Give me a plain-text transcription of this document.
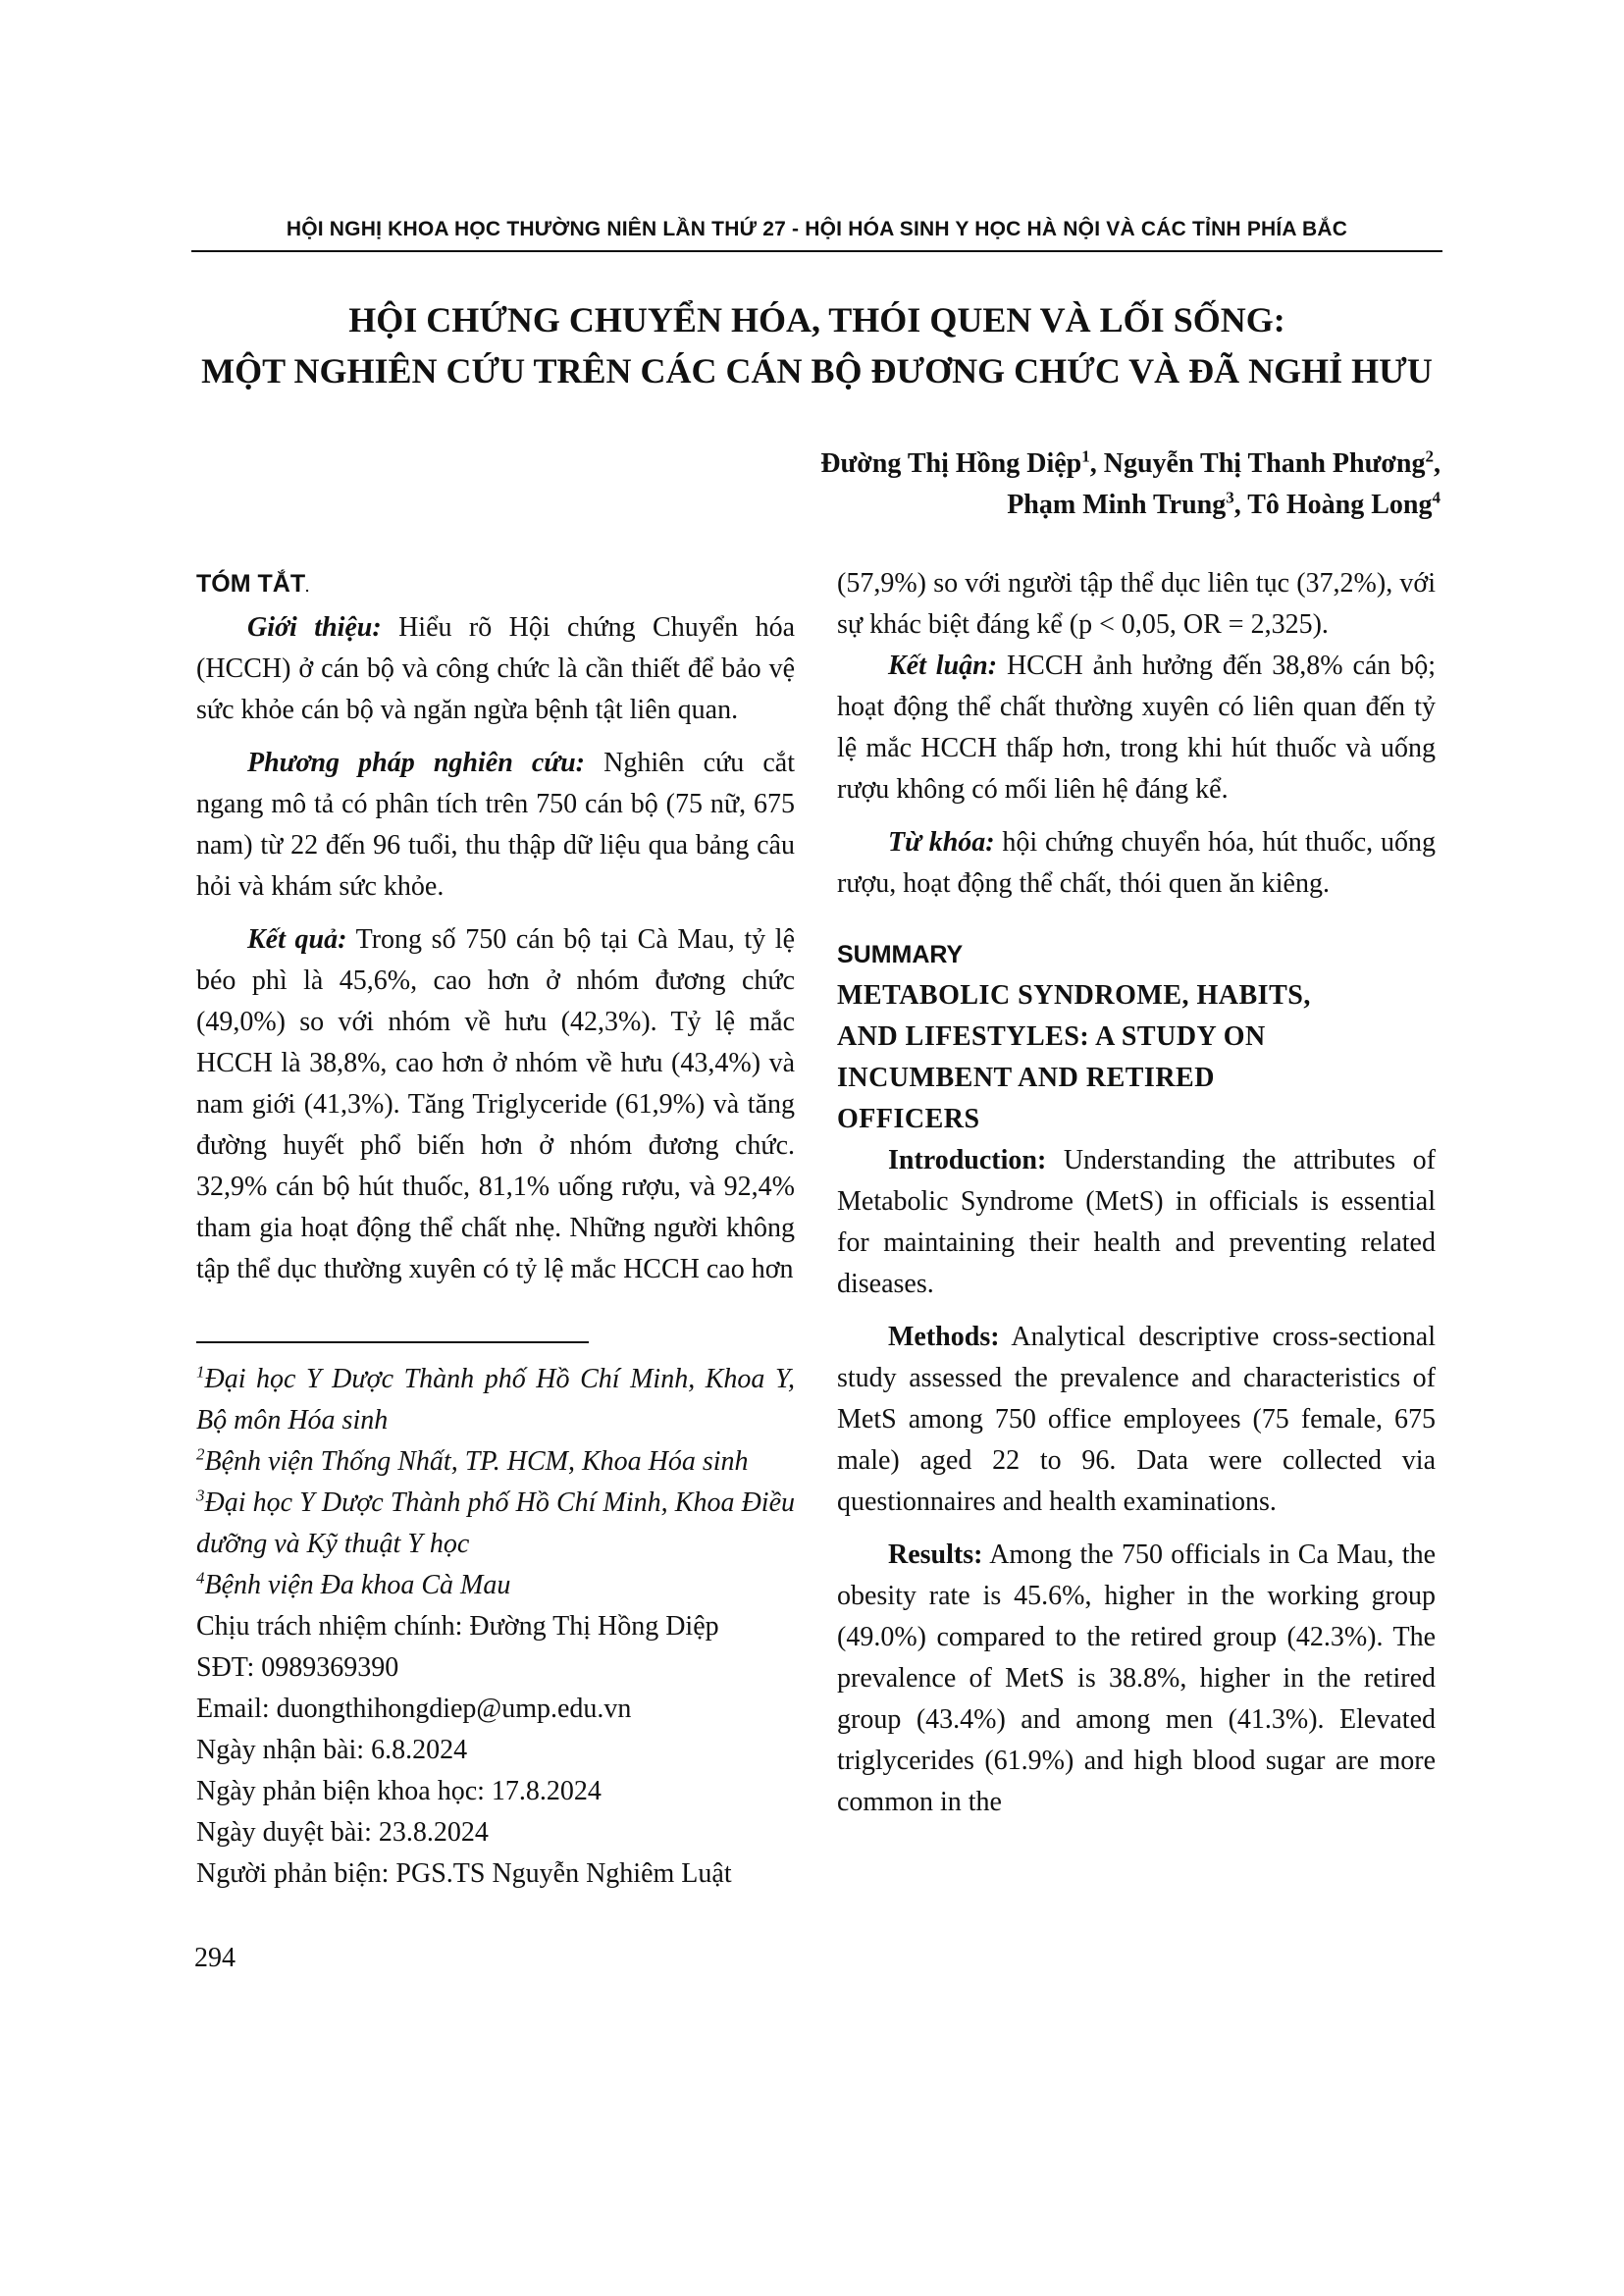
HỘI NGHỊ KHOA HỌC THƯỜNG NIÊN LẦN THỨ 27 - HỘI HÓA SINH Y HỌC HÀ NỘI VÀ CÁC TỈNH PHÍA BẮC
HỘI CHỨNG CHUYỂN HÓA, THÓI QUEN VÀ LỐI SỐNG:
MỘT NGHIÊN CỨU TRÊN CÁC CÁN BỘ ĐƯƠNG CHỨC VÀ ĐÃ NGHỈ HƯU
Đường Thị Hồng Diệp$^1$, Nguyễn Thị Thanh Phương$^2$,
Phạm Minh Trung$^3$, Tô Hoàng Long$^4$

TÓM TẮT.

Giới thiệu: Hiểu rõ Hội chứng Chuyển hóa (HCCH) ở cán bộ và công chức là cần thiết để bảo vệ sức khỏe cán bộ và ngăn ngừa bệnh tật liên quan.

Phương pháp nghiên cứu: Nghiên cứu cắt ngang mô tả có phân tích trên 750 cán bộ (75 nữ, 675 nam) từ 22 đến 96 tuổi, thu thập dữ liệu qua bảng câu hỏi và khám sức khỏe.

Kết quả: Trong số 750 cán bộ tại Cà Mau, tỷ lệ béo phì là 45,6%, cao hơn ở nhóm đương chức (49,0%) so với nhóm về hưu (42,3%). Tỷ lệ mắc HCCH là 38,8%, cao hơn ở nhóm về hưu (43,4%) và nam giới (41,3%). Tăng Triglyceride (61,9%) và tăng đường huyết phổ biến hơn ở nhóm đương chức. 32,9% cán bộ hút thuốc, 81,1% uống rượu, và 92,4% tham gia hoạt động thể chất nhẹ. Những người không tập thể dục thường xuyên có tỷ lệ mắc HCCH cao hơn

$^1$Đại học Y Dược Thành phố Hồ Chí Minh, Khoa Y, Bộ môn Hóa sinh

$^2$Bệnh viện Thống Nhất, TP. HCM, Khoa Hóa sinh

$^3$Đại học Y Dược Thành phố Hồ Chí Minh, Khoa Điều dưỡng và Kỹ thuật Y học

$^4$Bệnh viện Đa khoa Cà Mau

Chịu trách nhiệm chính: Đường Thị Hồng Diệp

SĐT: 0989369390

Email: duongthihongdiep@ump.edu.vn

Ngày nhận bài: 6.8.2024

Ngày phản biện khoa học: 17.8.2024

Ngày duyệt bài: 23.8.2024

Người phản biện: PGS.TS Nguyễn Nghiêm Luật

(57,9%) so với người tập thể dục liên tục (37,2%), với sự khác biệt đáng kể (p < 0,05, OR = 2,325).

Kết luận: HCCH ảnh hưởng đến 38,8% cán bộ; hoạt động thể chất thường xuyên có liên quan đến tỷ lệ mắc HCCH thấp hơn, trong khi hút thuốc và uống rượu không có mối liên hệ đáng kể.

Từ khóa: hội chứng chuyển hóa, hút thuốc, uống rượu, hoạt động thể chất, thói quen ăn kiêng.

SUMMARY

METABOLIC SYNDROME, HABITS,

AND LIFESTYLES: A STUDY ON

INCUMBENT AND RETIRED

OFFICERS

Introduction: Understanding the attributes of Metabolic Syndrome (MetS) in officials is essential for maintaining their health and preventing related diseases.

Methods: Analytical descriptive cross-sectional study assessed the prevalence and characteristics of MetS among 750 office employees (75 female, 675 male) aged 22 to 96. Data were collected via questionnaires and health examinations.

Results: Among the 750 officials in Ca Mau, the obesity rate is 45.6%, higher in the working group (49.0%) compared to the retired group (42.3%). The prevalence of MetS is 38.8%, higher in the retired group (43.4%) and among men (41.3%). Elevated triglycerides (61.9%) and high blood sugar are more common in the

294
